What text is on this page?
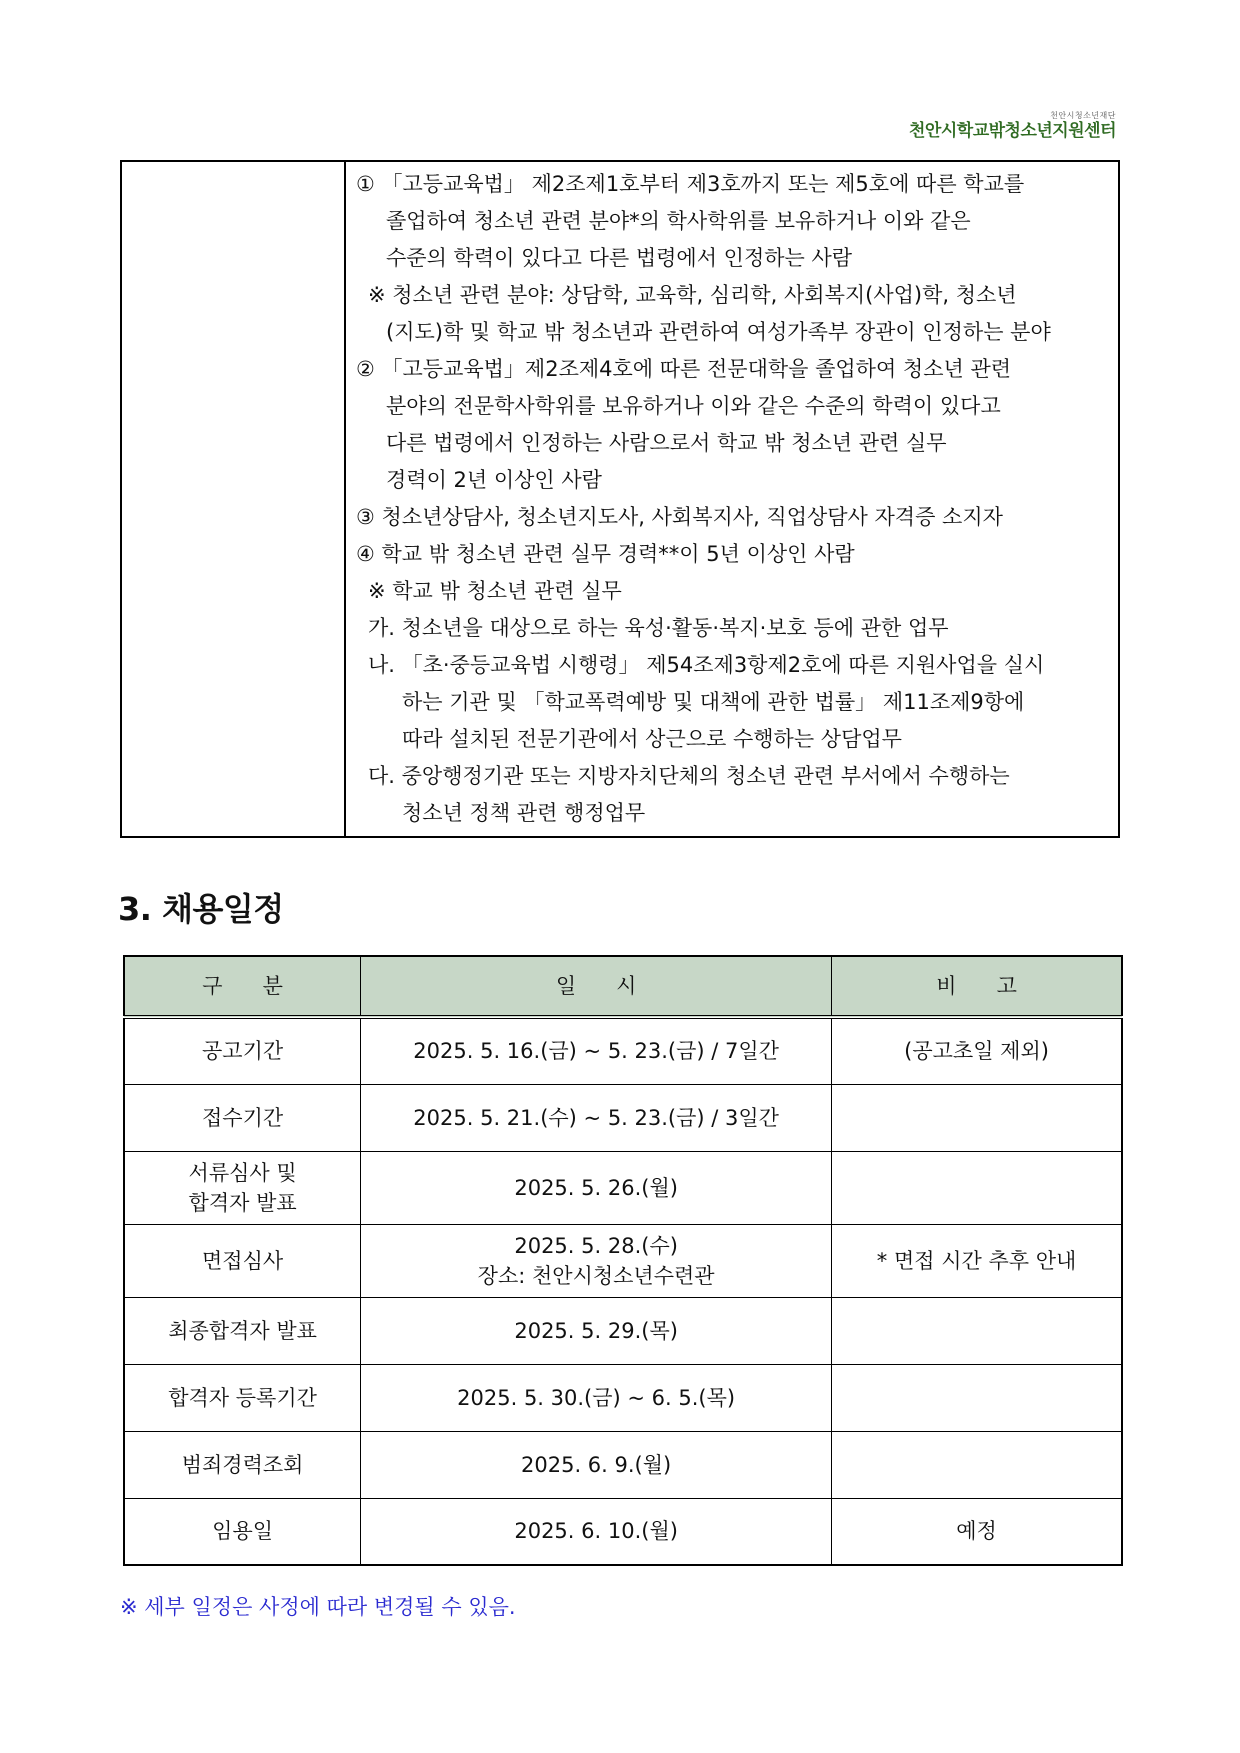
천안시청소년재단
천안시학교밖청소년지원센터

① 「고등교육법」 제2조제1호부터 제3호까지 또는 제5호에 따른 학교를
졸업하여 청소년 관련 분야*의 학사학위를 보유하거나 이와 같은
수준의 학력이 있다고 다른 법령에서 인정하는 사람
※ 청소년 관련 분야: 상담학, 교육학, 심리학, 사회복지(사업)학, 청소년
(지도)학 및 학교 밖 청소년과 관련하여 여성가족부 장관이 인정하는 분야
② 「고등교육법」제2조제4호에 따른 전문대학을 졸업하여 청소년 관련
분야의 전문학사학위를 보유하거나 이와 같은 수준의 학력이 있다고
다른 법령에서 인정하는 사람으로서 학교 밖 청소년 관련 실무
경력이 2년 이상인 사람
③ 청소년상담사, 청소년지도사, 사회복지사, 직업상담사 자격증 소지자
④ 학교 밖 청소년 관련 실무 경력**이 5년 이상인 사람
※ 학교 밖 청소년 관련 실무
가. 청소년을 대상으로 하는 육성·활동·복지·보호 등에 관한 업무
나. 「초·중등교육법 시행령」 제54조제3항제2호에 따른 지원사업을 실시
하는 기관 및 「학교폭력예방 및 대책에 관한 법률」 제11조제9항에
따라 설치된 전문기관에서 상근으로 수행하는 상담업무
다. 중앙행정기관 또는 지방자치단체의 청소년 관련 부서에서 수행하는
청소년 정책 관련 행정업무
3. 채용일정
구      분	일      시	비      고
공고기간	2025. 5. 16.(금) ~ 5. 23.(금) / 7일간	(공고초일 제외)
접수기간	2025. 5. 21.(수) ~ 5. 23.(금) / 3일간	

서류심사 및
합격자 발표	2025. 5. 26.(월)	
면접심사	2025. 5. 28.(수)
장소: 천안시청소년수련관	* 면접 시간 추후 안내
최종합격자 발표	2025. 5. 29.(목)	
합격자 등록기간	2025. 5. 30.(금) ~ 6. 5.(목)	
범죄경력조회	2025. 6. 9.(월)	
임용일	2025. 6. 10.(월)	예정
※ 세부 일정은 사정에 따라 변경될 수 있음.
